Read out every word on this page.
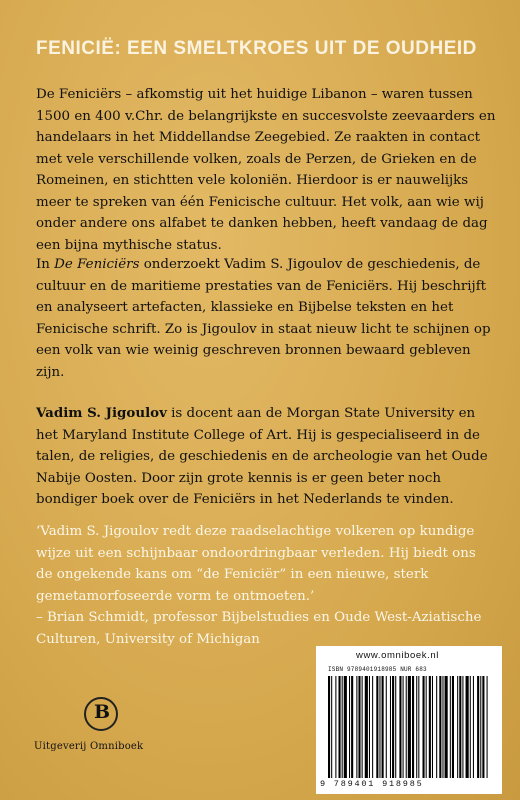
FENICIË: EEN SMELTKROES UIT DE OUDHEID

De Feniciërs – afkomstig uit het huidige Libanon – waren tussen 1500 en 400 v.Chr. de belangrijkste en succesvolste zeevaarders en handelaars in het Middellandse Zeegebied. Ze raakten in contact met vele verschillende volken, zoals de Perzen, de Grieken en de Romeinen, en stichtten vele koloniën. Hierdoor is er nauwelijks meer te spreken van één Fenicische cultuur. Het volk, aan wie wij onder andere ons alfabet te danken hebben, heeft vandaag de dag een bijna mythische status.

In De Feniciërs onderzoekt Vadim S. Jigoulov de geschiedenis, de cultuur en de maritieme prestaties van de Feniciërs. Hij beschrijft en analyseert artefacten, klassieke en Bijbelse teksten en het Fenicische schrift. Zo is Jigoulov in staat nieuw licht te schijnen op een volk van wie weinig geschreven bronnen bewaard gebleven zijn.

Vadim S. Jigoulov is docent aan de Morgan State University en het Maryland Institute College of Art. Hij is gespecialiseerd in de talen, de religies, de geschiedenis en de archeologie van het Oude Nabije Oosten. Door zijn grote kennis is er geen beter noch bondiger boek over de Feniciërs in het Nederlands te vinden.

‘Vadim S. Jigoulov redt deze raadselachtige volkeren op kundige wijze uit een schijnbaar ondoordringbaar verleden. Hij biedt ons de ongekende kans om “de Feniciër” in een nieuwe, sterk gemetamorfoseerde vorm te ontmoeten.’
– Brian Schmidt, professor Bijbelstudies en Oude West-Aziatische Culturen, University of Michigan

B
Uitgeverij Omniboek
www.omniboek.nl
ISBN 9789401918985 NUR 683
9 789401 918985
